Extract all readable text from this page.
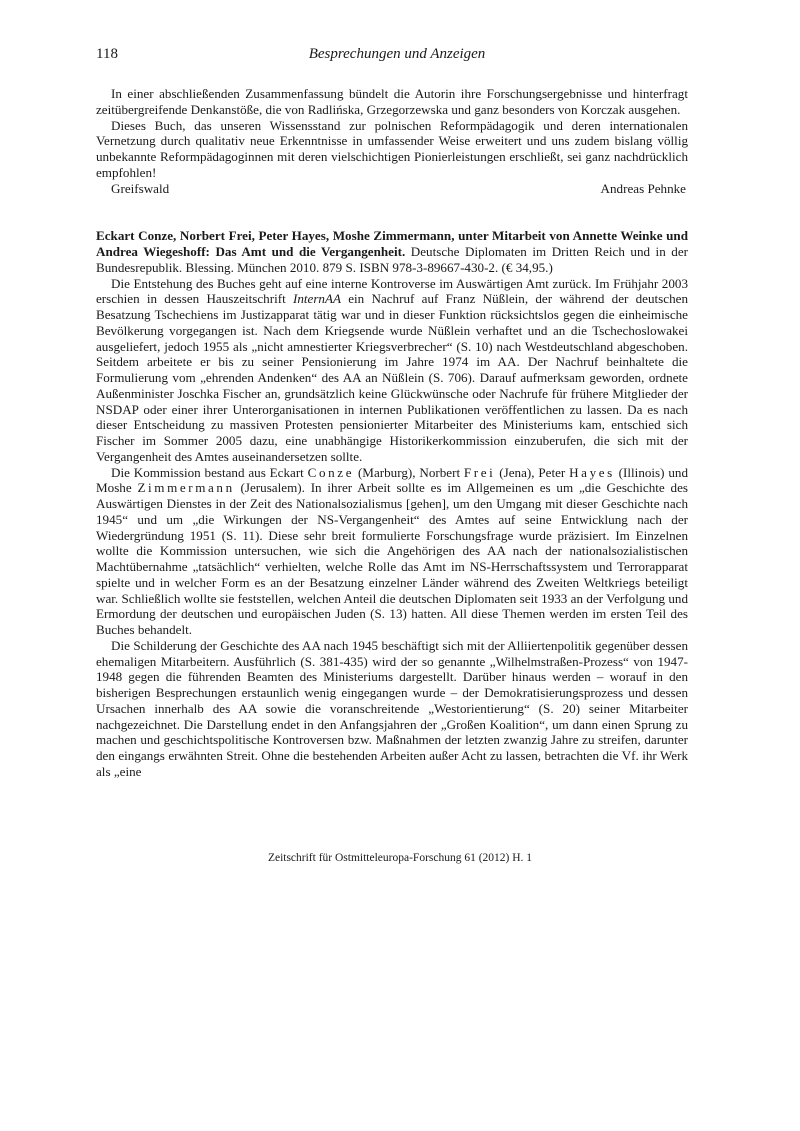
118	Besprechungen und Anzeigen

In einer abschließenden Zusammenfassung bündelt die Autorin ihre Forschungsergebnisse und hinterfragt zeitübergreifende Denkanstöße, die von Radlińska, Grzegorzewska und ganz besonders von Korczak ausgehen.

Dieses Buch, das unseren Wissensstand zur polnischen Reformpädagogik und deren internationalen Vernetzung durch qualitativ neue Erkenntnisse in umfassender Weise erweitert und uns zudem bislang völlig unbekannte Reformpädagoginnen mit deren vielschichtigen Pionierleistungen erschließt, sei ganz nachdrücklich empfohlen!

Greifswald	Andreas Pehnke

Eckart Conze, Norbert Frei, Peter Hayes, Moshe Zimmermann, unter Mitarbeit von Annette Weinke und Andrea Wiegeshoff: Das Amt und die Vergangenheit. Deutsche Diplomaten im Dritten Reich und in der Bundesrepublik. Blessing. München 2010. 879 S. ISBN 978-3-89667-430-2. (€ 34,95.)

Die Entstehung des Buches geht auf eine interne Kontroverse im Auswärtigen Amt zurück. Im Frühjahr 2003 erschien in dessen Hauszeitschrift InternAA ein Nachruf auf Franz Nüßlein, der während der deutschen Besatzung Tschechiens im Justizapparat tätig war und in dieser Funktion rücksichtslos gegen die einheimische Bevölkerung vorgegangen ist. Nach dem Kriegsende wurde Nüßlein verhaftet und an die Tschechoslowakei ausgeliefert, jedoch 1955 als „nicht amnestierter Kriegsverbrecher“ (S. 10) nach Westdeutschland abgeschoben. Seitdem arbeitete er bis zu seiner Pensionierung im Jahre 1974 im AA. Der Nachruf beinhaltete die Formulierung vom „ehrenden Andenken“ des AA an Nüßlein (S. 706). Darauf aufmerksam geworden, ordnete Außenminister Joschka Fischer an, grundsätzlich keine Glückwünsche oder Nachrufe für frühere Mitglieder der NSDAP oder einer ihrer Unterorganisationen in internen Publikationen veröffentlichen zu lassen. Da es nach dieser Entscheidung zu massiven Protesten pensionierter Mitarbeiter des Ministeriums kam, entschied sich Fischer im Sommer 2005 dazu, eine unabhängige Historikerkommission einzuberufen, die sich mit der Vergangenheit des Amtes auseinandersetzen sollte.

Die Kommission bestand aus Eckart Conze (Marburg), Norbert Frei (Jena), Peter Hayes (Illinois) und Moshe Zimmermann (Jerusalem). In ihrer Arbeit sollte es im Allgemeinen es um „die Geschichte des Auswärtigen Dienstes in der Zeit des Nationalsozialismus [gehen], um den Umgang mit dieser Geschichte nach 1945“ und um „die Wirkungen der NS-Vergangenheit“ des Amtes auf seine Entwicklung nach der Wiedergründung 1951 (S. 11). Diese sehr breit formulierte Forschungsfrage wurde präzisiert. Im Einzelnen wollte die Kommission untersuchen, wie sich die Angehörigen des AA nach der nationalsozialistischen Machtübernahme „tatsächlich“ verhielten, welche Rolle das Amt im NS-Herrschaftssystem und Terrorapparat spielte und in welcher Form es an der Besatzung einzelner Länder während des Zweiten Weltkriegs beteiligt war. Schließlich wollte sie feststellen, welchen Anteil die deutschen Diplomaten seit 1933 an der Verfolgung und Ermordung der deutschen und europäischen Juden (S. 13) hatten. All diese Themen werden im ersten Teil des Buches behandelt.

Die Schilderung der Geschichte des AA nach 1945 beschäftigt sich mit der Alliiertenpolitik gegenüber dessen ehemaligen Mitarbeitern. Ausführlich (S. 381-435) wird der so genannte „Wilhelmstraßen-Prozess“ von 1947-1948 gegen die führenden Beamten des Ministeriums dargestellt. Darüber hinaus werden – worauf in den bisherigen Besprechungen erstaunlich wenig eingegangen wurde – der Demokratisierungsprozess und dessen Ursachen innerhalb des AA sowie die voranschreitende „Westorientierung“ (S. 20) seiner Mitarbeiter nachgezeichnet. Die Darstellung endet in den Anfangsjahren der „Großen Koalition“, um dann einen Sprung zu machen und geschichtspolitische Kontroversen bzw. Maßnahmen der letzten zwanzig Jahre zu streifen, darunter den eingangs erwähnten Streit. Ohne die bestehenden Arbeiten außer Acht zu lassen, betrachten die Vf. ihr Werk als „eine

Zeitschrift für Ostmitteleuropa-Forschung 61 (2012) H. 1
